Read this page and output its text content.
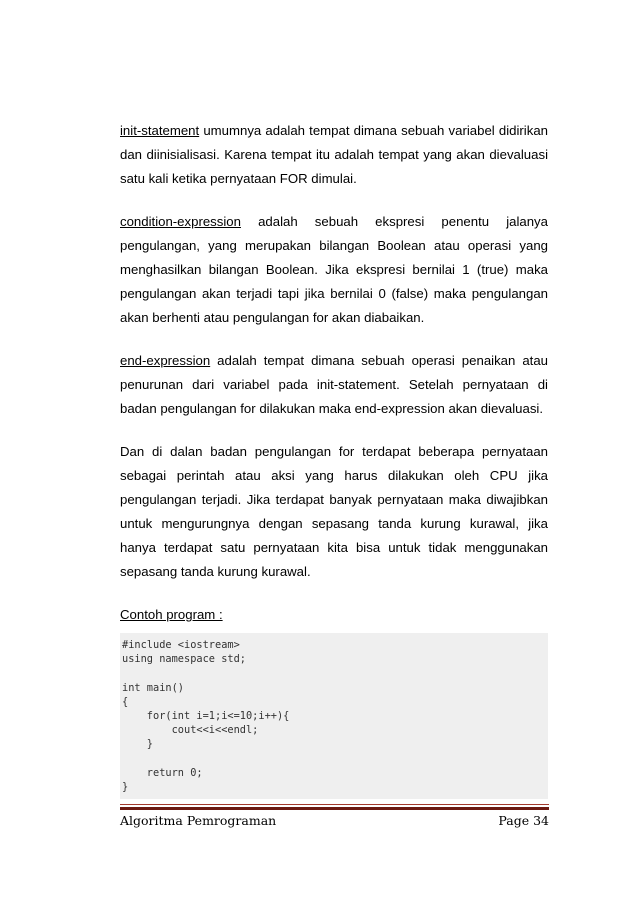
init-statement umumnya adalah tempat dimana sebuah variabel didirikan dan diinisialisasi. Karena tempat itu adalah tempat yang akan dievaluasi satu kali ketika pernyataan FOR dimulai.

condition-expression adalah sebuah ekspresi penentu jalanya pengulangan, yang merupakan bilangan Boolean atau operasi yang menghasilkan bilangan Boolean. Jika ekspresi bernilai 1 (true) maka pengulangan akan terjadi tapi jika bernilai 0 (false) maka pengulangan akan berhenti atau pengulangan for akan diabaikan.

end-expression adalah tempat dimana sebuah operasi penaikan atau penurunan dari variabel pada init-statement. Setelah pernyataan di badan pengulangan for dilakukan maka end-expression akan dievaluasi.

Dan di dalan badan pengulangan for terdapat beberapa pernyataan sebagai perintah atau aksi yang harus dilakukan oleh CPU jika pengulangan terjadi. Jika terdapat banyak pernyataan maka diwajibkan untuk mengurungnya dengan sepasang tanda kurung kurawal, jika hanya terdapat satu pernyataan kita bisa untuk tidak menggunakan sepasang tanda kurung kurawal.

Contoh program :

#include <iostream>
using namespace std;
int main()
{
for(int i=1;i<=10;i++){
cout<<i<<endl;
}
return 0;
}
Algoritma Pemrograman	Page 34
